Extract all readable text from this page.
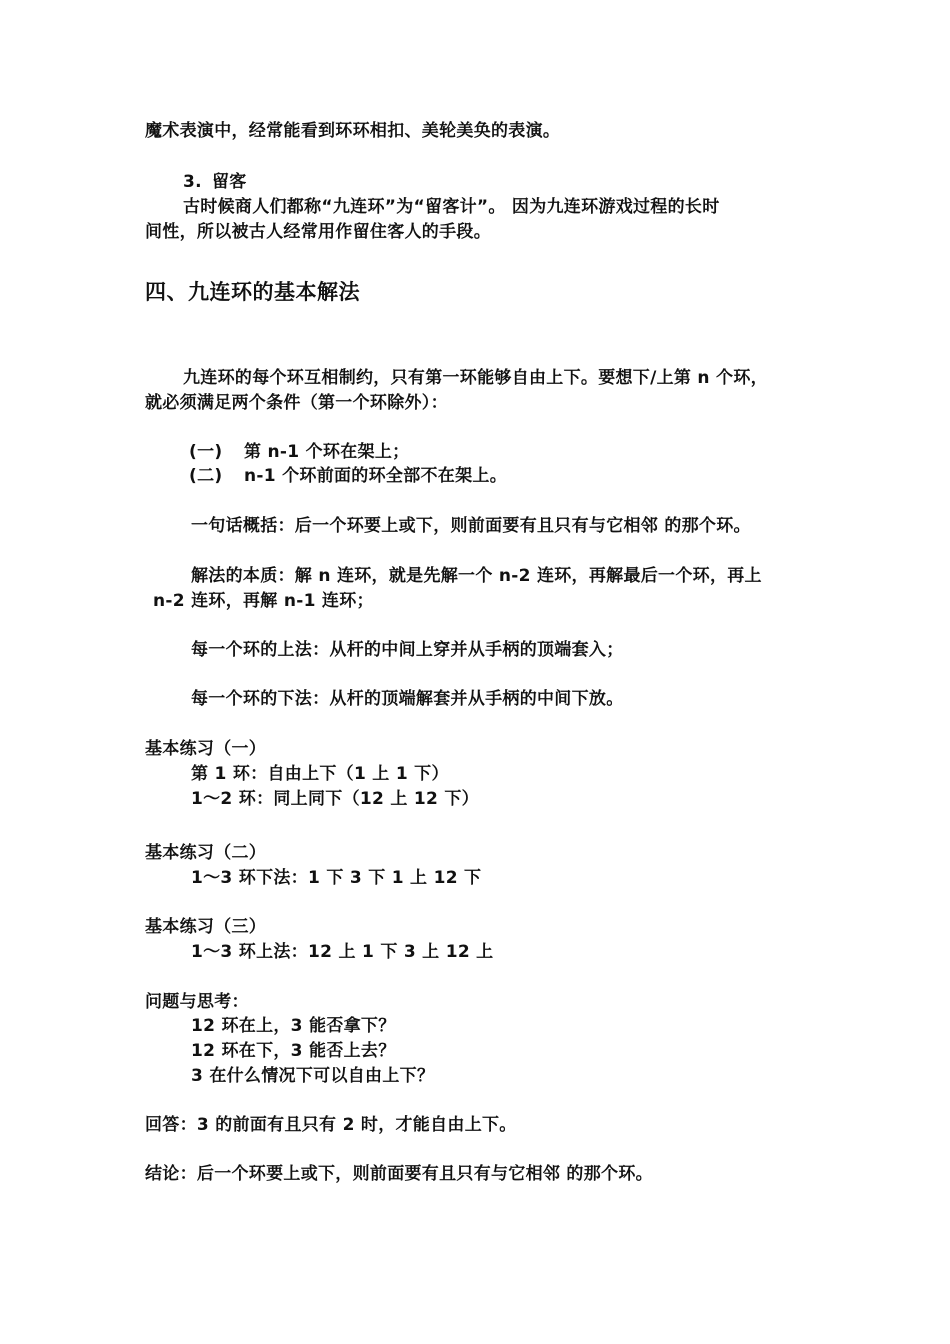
魔术表演中，经常能看到环环相扣、美轮美奂的表演。
3. 留客
古时候商人们都称“九连环”为“留客计”。 因为九连环游戏过程的长时
间性，所以被古人经常用作留住客人的手段。
四、九连环的基本解法
九连环的每个环互相制约，只有第一环能够自由上下。要想下/上第 n 个环，
就必须满足两个条件（第一个环除外）：
(一) 第 n-1 个环在架上；
(二) n-1 个环前面的环全部不在架上。
一句话概括：后一个环要上或下，则前面要有且只有与它相邻 的那个环。
解法的本质：解 n 连环，就是先解一个 n-2 连环，再解最后一个环，再上
n-2 连环，再解 n-1 连环；
每一个环的上法：从杆的中间上穿并从手柄的顶端套入；
每一个环的下法：从杆的顶端解套并从手柄的中间下放。
基本练习（一）
第 1 环：自由上下（1 上 1 下）
1～2 环：同上同下（12 上 12 下）
基本练习（二）
1～3 环下法：1 下 3 下 1 上 12 下
基本练习（三）
1～3 环上法：12 上 1 下 3 上 12 上
问题与思考：
12 环在上，3 能否拿下？
12 环在下，3 能否上去？
3 在什么情况下可以自由上下？
回答：3 的前面有且只有 2 时，才能自由上下。
结论：后一个环要上或下，则前面要有且只有与它相邻 的那个环。
